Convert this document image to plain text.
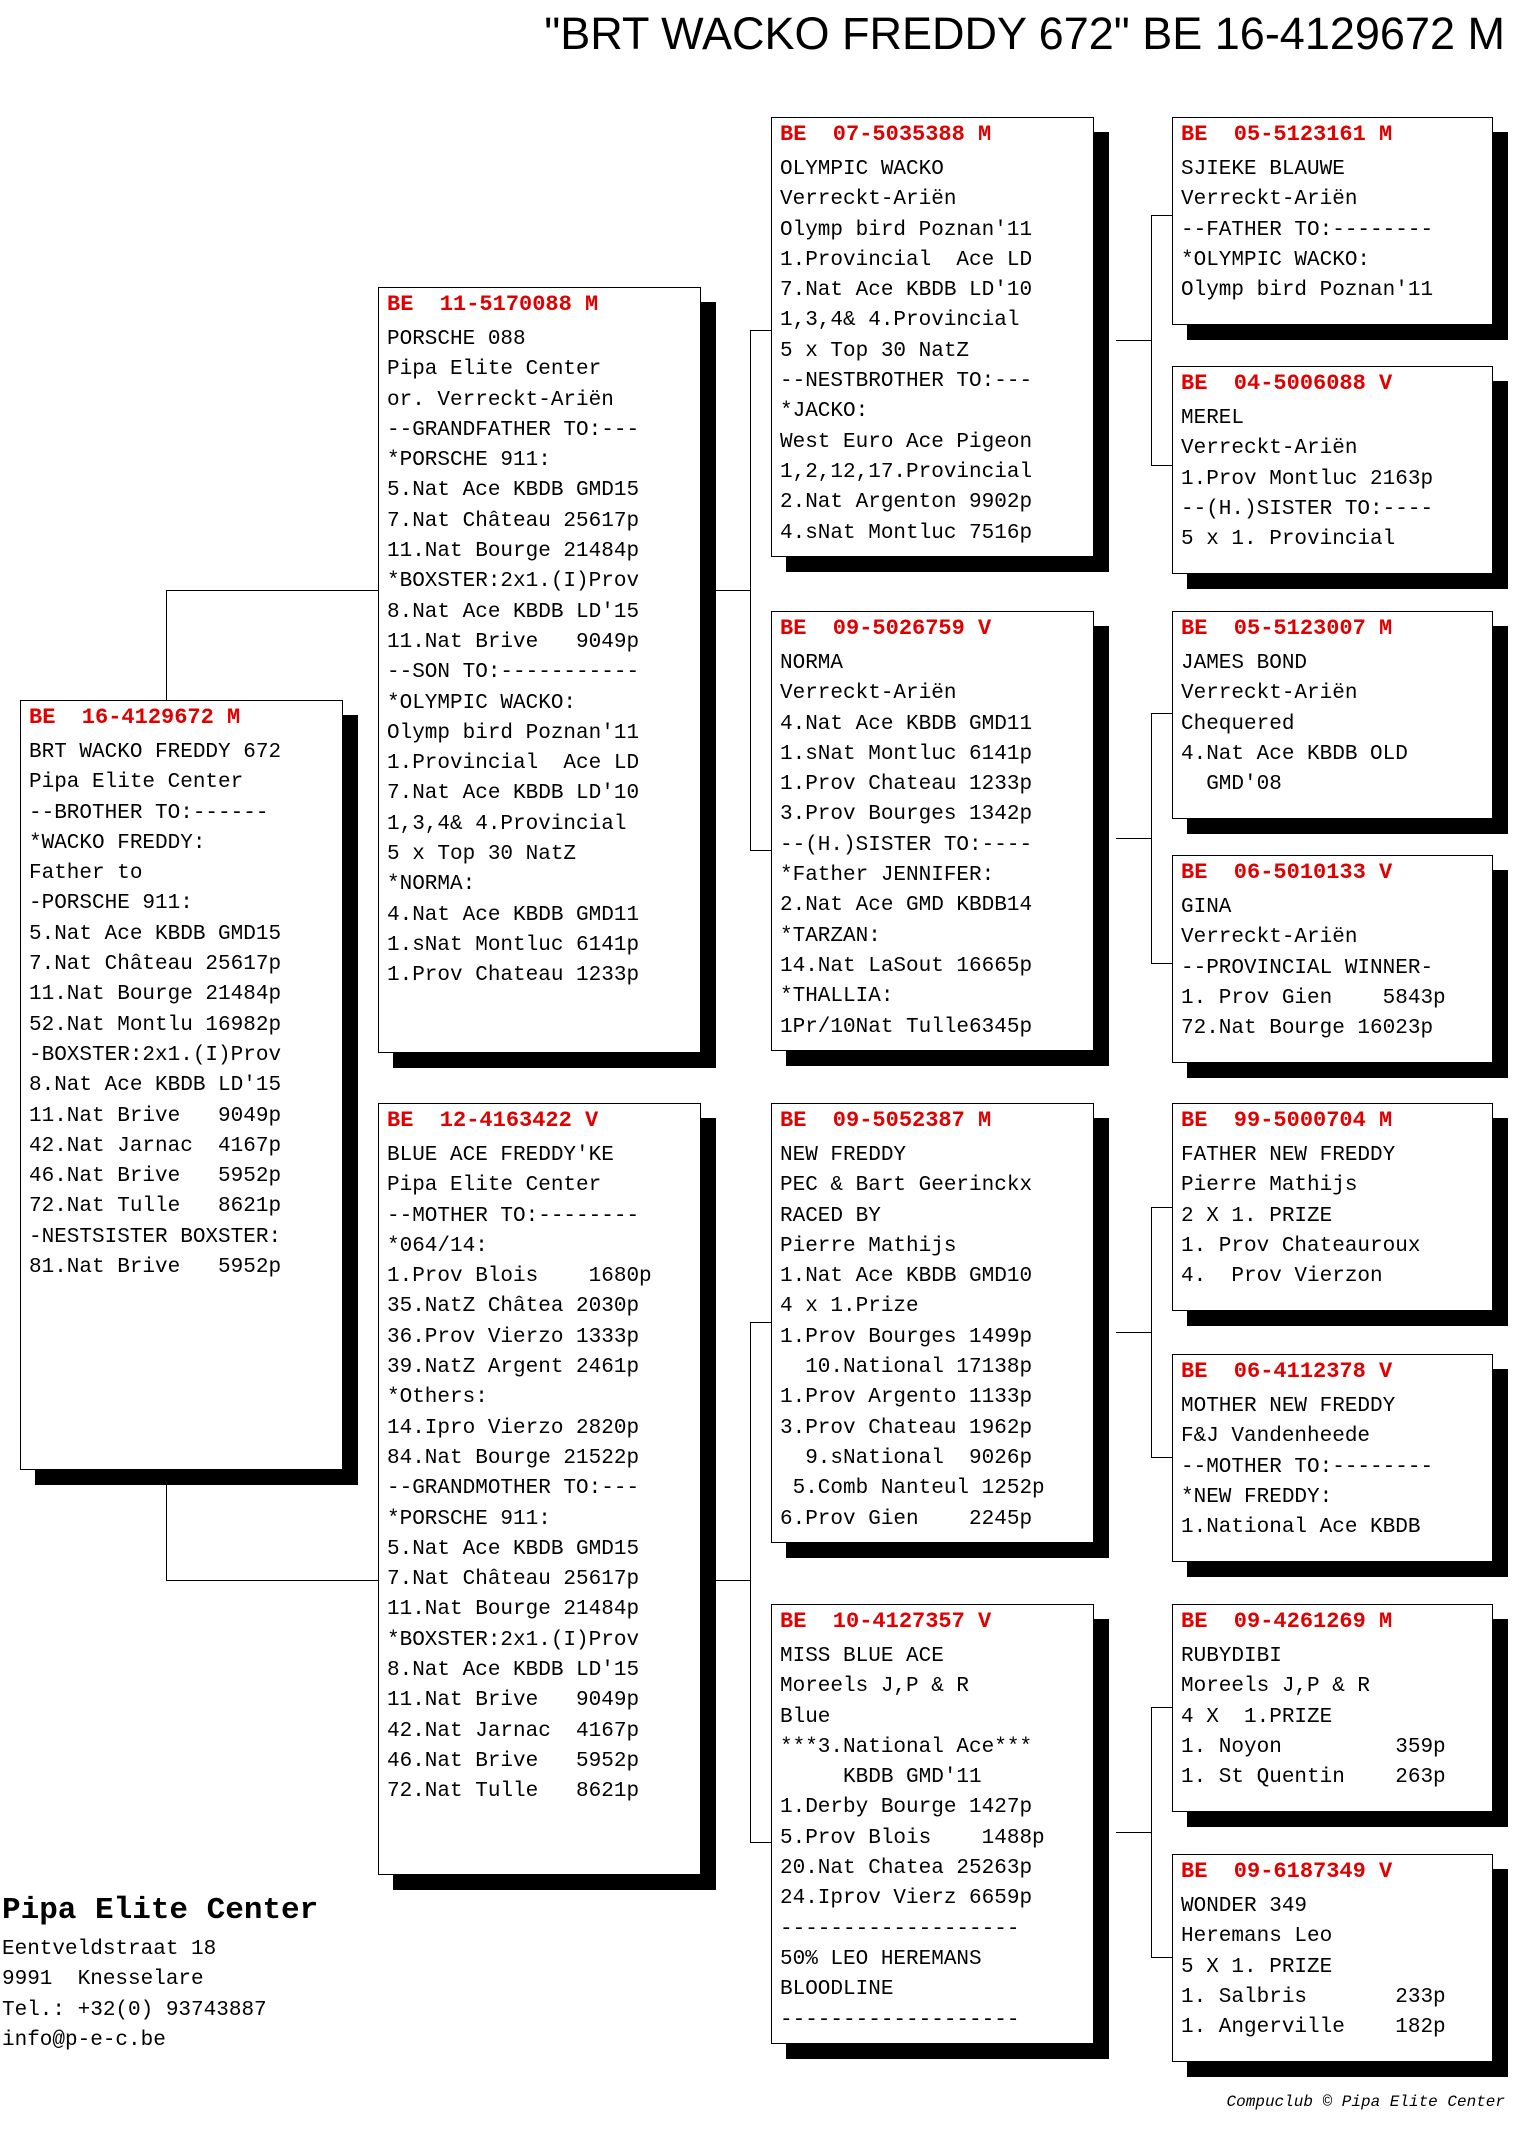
"BRT WACKO FREDDY 672" BE 16-4129672 M
BE  16-4129672 M
BRT WACKO FREDDY 672
Pipa Elite Center
--BROTHER TO:------
*WACKO FREDDY:
Father to
-PORSCHE 911:
5.Nat Ace KBDB GMD15
7.Nat Château 25617p
11.Nat Bourge 21484p
52.Nat Montlu 16982p
-BOXSTER:2x1.(I)Prov
8.Nat Ace KBDB LD'15
11.Nat Brive   9049p
42.Nat Jarnac  4167p
46.Nat Brive   5952p
72.Nat Tulle   8621p
-NESTSISTER BOXSTER:
81.Nat Brive   5952p
BE  11-5170088 M
PORSCHE 088
Pipa Elite Center
or. Verreckt-Ariën
--GRANDFATHER TO:---
*PORSCHE 911:
5.Nat Ace KBDB GMD15
7.Nat Château 25617p
11.Nat Bourge 21484p
*BOXSTER:2x1.(I)Prov
8.Nat Ace KBDB LD'15
11.Nat Brive   9049p
--SON TO:-----------
*OLYMPIC WACKO:
Olymp bird Poznan'11
1.Provincial  Ace LD
7.Nat Ace KBDB LD'10
1,3,4& 4.Provincial
5 x Top 30 NatZ
*NORMA:
4.Nat Ace KBDB GMD11
1.sNat Montluc 6141p
1.Prov Chateau 1233p
BE  12-4163422 V
BLUE ACE FREDDY'KE
Pipa Elite Center
--MOTHER TO:--------
*064/14:
1.Prov Blois    1680p
35.NatZ Châtea 2030p
36.Prov Vierzo 1333p
39.NatZ Argent 2461p
*Others:
14.Ipro Vierzo 2820p
84.Nat Bourge 21522p
--GRANDMOTHER TO:---
*PORSCHE 911:
5.Nat Ace KBDB GMD15
7.Nat Château 25617p
11.Nat Bourge 21484p
*BOXSTER:2x1.(I)Prov
8.Nat Ace KBDB LD'15
11.Nat Brive   9049p
42.Nat Jarnac  4167p
46.Nat Brive   5952p
72.Nat Tulle   8621p
BE  07-5035388 M
OLYMPIC WACKO
Verreckt-Ariën
Olymp bird Poznan'11
1.Provincial  Ace LD
7.Nat Ace KBDB LD'10
1,3,4& 4.Provincial
5 x Top 30 NatZ
--NESTBROTHER TO:---
*JACKO:
West Euro Ace Pigeon
1,2,12,17.Provincial
2.Nat Argenton 9902p
4.sNat Montluc 7516p
BE  09-5026759 V
NORMA
Verreckt-Ariën
4.Nat Ace KBDB GMD11
1.sNat Montluc 6141p
1.Prov Chateau 1233p
3.Prov Bourges 1342p
--(H.)SISTER TO:----
*Father JENNIFER:
2.Nat Ace GMD KBDB14
*TARZAN:
14.Nat LaSout 16665p
*THALLIA:
1Pr/10Nat Tulle6345p
BE  09-5052387 M
NEW FREDDY
PEC & Bart Geerinckx
RACED BY
Pierre Mathijs
1.Nat Ace KBDB GMD10
4 x 1.Prize
1.Prov Bourges 1499p
10.National 17138p
1.Prov Argento 1133p
3.Prov Chateau 1962p
9.sNational  9026p
5.Comb Nanteul 1252p
6.Prov Gien    2245p
BE  10-4127357 V
MISS BLUE ACE
Moreels J,P & R
Blue
***3.National Ace***
KBDB GMD'11
1.Derby Bourge 1427p
5.Prov Blois    1488p
20.Nat Chatea 25263p
24.Iprov Vierz 6659p
-------------------
50% LEO HEREMANS
BLOODLINE
-------------------
BE  05-5123161 M
SJIEKE BLAUWE
Verreckt-Ariën
--FATHER TO:--------
*OLYMPIC WACKO:
Olymp bird Poznan'11
BE  04-5006088 V
MEREL
Verreckt-Ariën
1.Prov Montluc 2163p
--(H.)SISTER TO:----
5 x 1. Provincial
BE  05-5123007 M
JAMES BOND
Verreckt-Ariën
Chequered
4.Nat Ace KBDB OLD
GMD'08
BE  06-5010133 V
GINA
Verreckt-Ariën
--PROVINCIAL WINNER-
1. Prov Gien    5843p
72.Nat Bourge 16023p
BE  99-5000704 M
FATHER NEW FREDDY
Pierre Mathijs
2 X 1. PRIZE
1. Prov Chateauroux
4.  Prov Vierzon
BE  06-4112378 V
MOTHER NEW FREDDY
F&J Vandenheede
--MOTHER TO:--------
*NEW FREDDY:
1.National Ace KBDB
BE  09-4261269 M
RUBYDIBI
Moreels J,P & R
4 X  1.PRIZE
1. Noyon         359p
1. St Quentin    263p
BE  09-6187349 V
WONDER 349
Heremans Leo
5 X 1. PRIZE
1. Salbris       233p
1. Angerville    182p
Pipa Elite Center
Eentveldstraat 18
9991  Knesselare
Tel.: +32(0) 93743887
info@p-e-c.be
Compuclub © Pipa Elite Center
